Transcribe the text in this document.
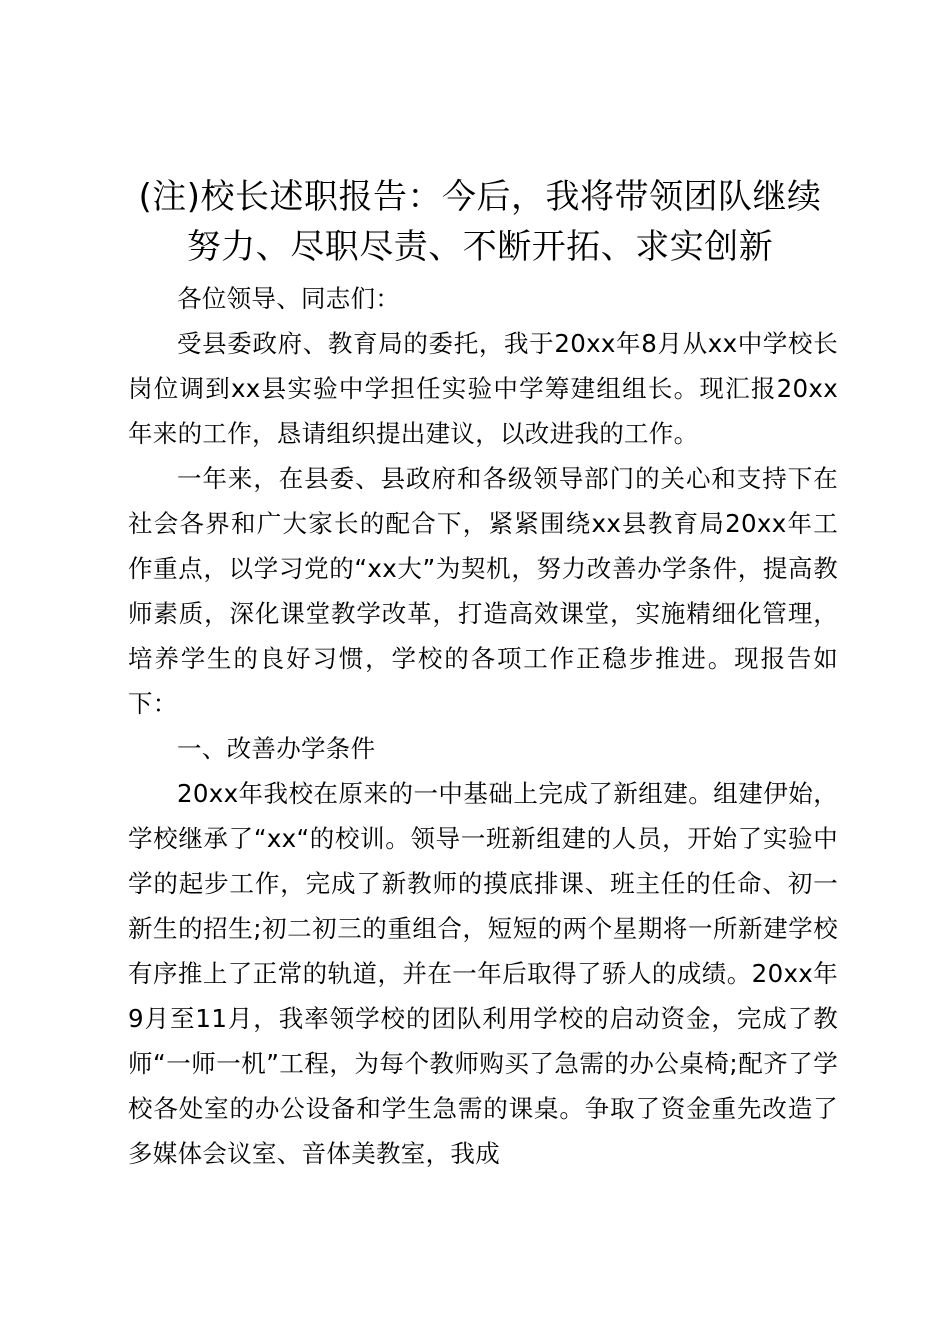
(注)校长述职报告：今后，我将带领团队继续
努力、尽职尽责、不断开拓、求实创新

各位领导、同志们：

受县委政府、教育局的委托，我于20xx年8月从xx中学校长岗位调到xx县实验中学担任实验中学筹建组组长。现汇报20xx年来的工作，恳请组织提出建议，以改进我的工作。

一年来，在县委、县政府和各级领导部门的关心和支持下在社会各界和广大家长的配合下，紧紧围绕xx县教育局20xx年工作重点，以学习党的“xx大”为契机，努力改善办学条件，提高教师素质，深化课堂教学改革，打造高效课堂，实施精细化管理，培养学生的良好习惯，学校的各项工作正稳步推进。现报告如下：

一、改善办学条件

20xx年我校在原来的一中基础上完成了新组建。组建伊始，学校继承了“xx“的校训。领导一班新组建的人员，开始了实验中学的起步工作，完成了新教师的摸底排课、班主任的任命、初一新生的招生;初二初三的重组合，短短的两个星期将一所新建学校有序推上了正常的轨道，并在一年后取得了骄人的成绩。20xx年9月至11月，我率领学校的团队利用学校的启动资金，完成了教师“一师一机”工程，为每个教师购买了急需的办公桌椅;配齐了学校各处室的办公设备和学生急需的课桌。争取了资金重先改造了多媒体会议室、音体美教室，我成
